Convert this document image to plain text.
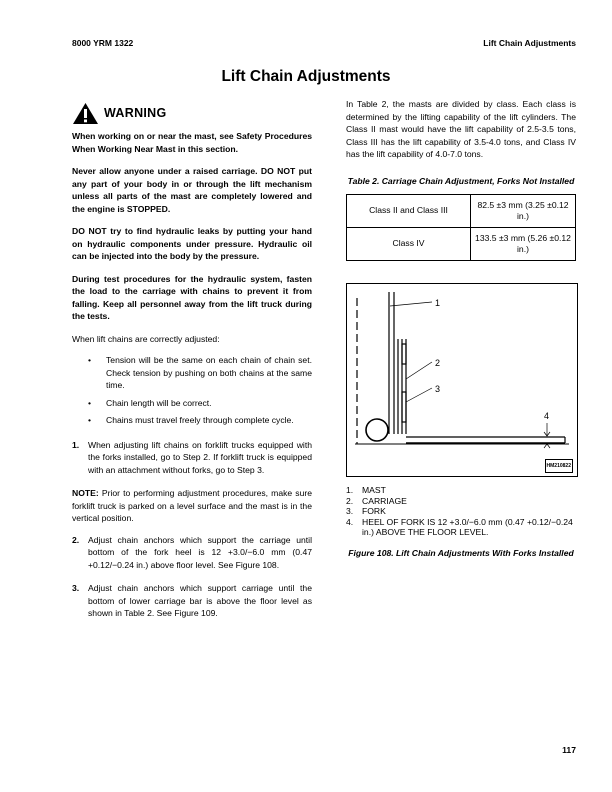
8000 YRM 1322	Lift Chain Adjustments
Lift Chain Adjustments
WARNING

When working on or near the mast, see Safety Procedures When Working Near Mast in this section.

Never allow anyone under a raised carriage. DO NOT put any part of your body in or through the lift mechanism unless all parts of the mast are completely lowered and the engine is STOPPED.

DO NOT try to find hydraulic leaks by putting your hand on hydraulic components under pressure. Hydraulic oil can be injected into the body by the pressure.

During test procedures for the hydraulic system, fasten the load to the carriage with chains to prevent it from falling. Keep all personnel away from the lift truck during the tests.

When lift chains are correctly adjusted:

• Tension will be the same on each chain of chain set. Check tension by pushing on both chains at the same time.
• Chain length will be correct.
• Chains must travel freely through complete cycle.
1. When adjusting lift chains on forklift trucks equipped with the forks installed, go to Step 2. If forklift truck is equipped with an attachment without forks, go to Step 3.

NOTE: Prior to performing adjustment procedures, make sure forklift truck is parked on a level surface and the mast is in the vertical position.

2. Adjust chain anchors which support the carriage until bottom of the fork heel is 12 +3.0/−6.0 mm (0.47 +0.12/−0.24 in.) above floor level. See Figure 108.
3. Adjust chain anchors which support carriage until the bottom of lower carriage bar is above the floor level as shown in Table 2. See Figure 109.

In Table 2, the masts are divided by class. Each class is determined by the lifting capability of the lift cylinders. The Class II mast would have the lift capability of 2.5-3.5 tons, Class III has the lift capability of 3.5-4.0 tons, and Class IV has the lift capability of 4.0-7.0 tons.

Table 2. Carriage Chain Adjustment, Forks Not Installed
Class II and Class III	82.5 ±3 mm (3.25 ±0.12 in.)
Class IV	133.5 ±3 mm (5.26 ±0.12 in.)
1
2
3
4
HM210822
1. MAST
2. CARRIAGE
3. FORK
4. HEEL OF FORK IS 12 +3.0/−6.0 mm (0.47 +0.12/−0.24 in.) ABOVE THE FLOOR LEVEL.
Figure 108. Lift Chain Adjustments With Forks Installed
117
